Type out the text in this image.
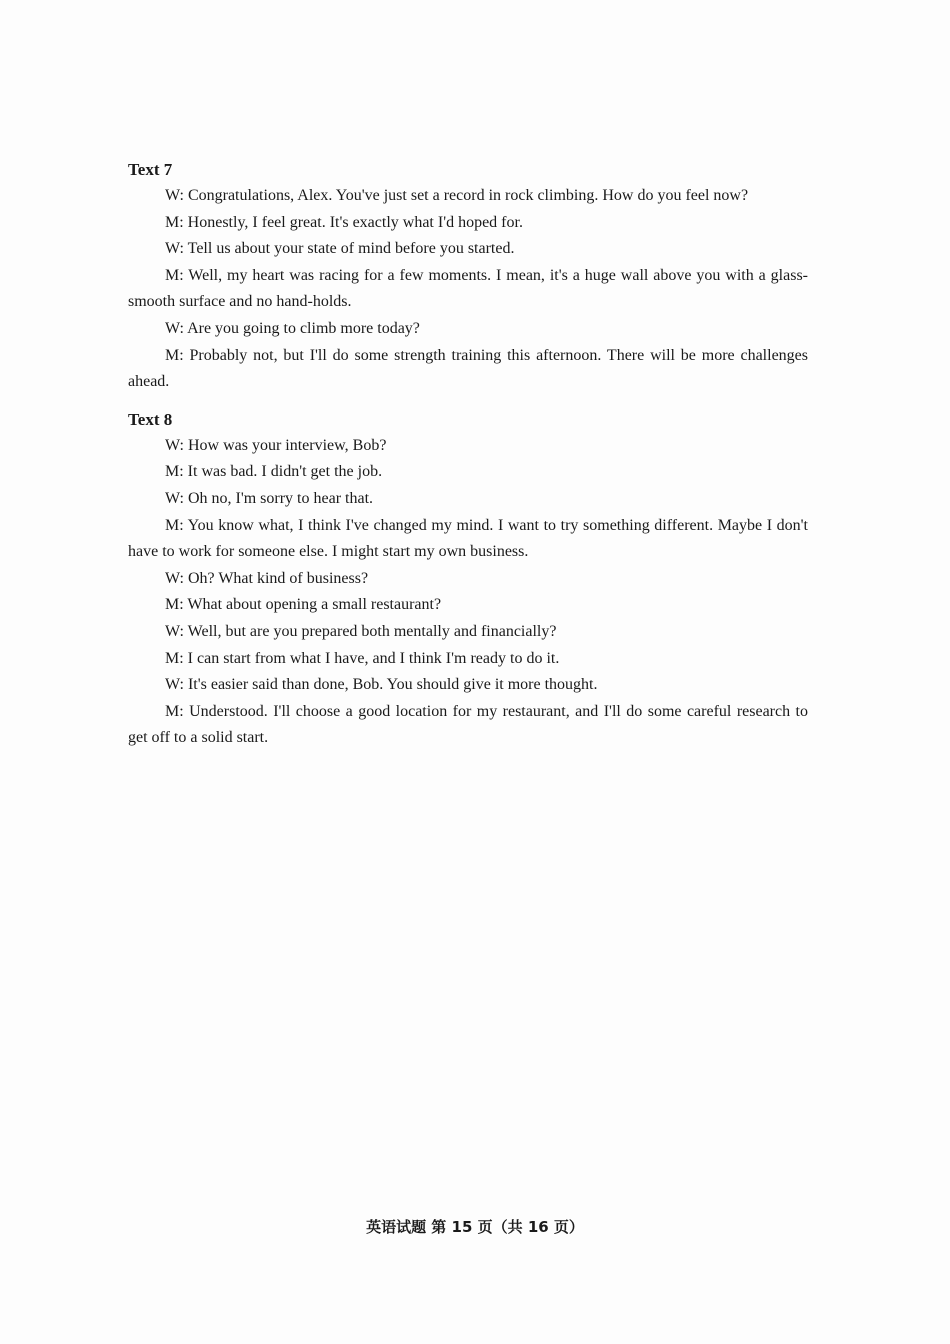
Text 7

W: Congratulations, Alex. You've just set a record in rock climbing. How do you feel now?

M: Honestly, I feel great. It's exactly what I'd hoped for.

W: Tell us about your state of mind before you started.

M: Well, my heart was racing for a few moments. I mean, it's a huge wall above you with a glass-smooth surface and no hand-holds.

W: Are you going to climb more today?

M: Probably not, but I'll do some strength training this afternoon. There will be more challenges ahead.

Text 8

W: How was your interview, Bob?

M: It was bad. I didn't get the job.

W: Oh no, I'm sorry to hear that.

M: You know what, I think I've changed my mind. I want to try something different. Maybe I don't have to work for someone else. I might start my own business.

W: Oh? What kind of business?

M: What about opening a small restaurant?

W: Well, but are you prepared both mentally and financially?

M: I can start from what I have, and I think I'm ready to do it.

W: It's easier said than done, Bob. You should give it more thought.

M: Understood. I'll choose a good location for my restaurant, and I'll do some careful research to get off to a solid start.

英语试题 第 15 页（共 16 页）
